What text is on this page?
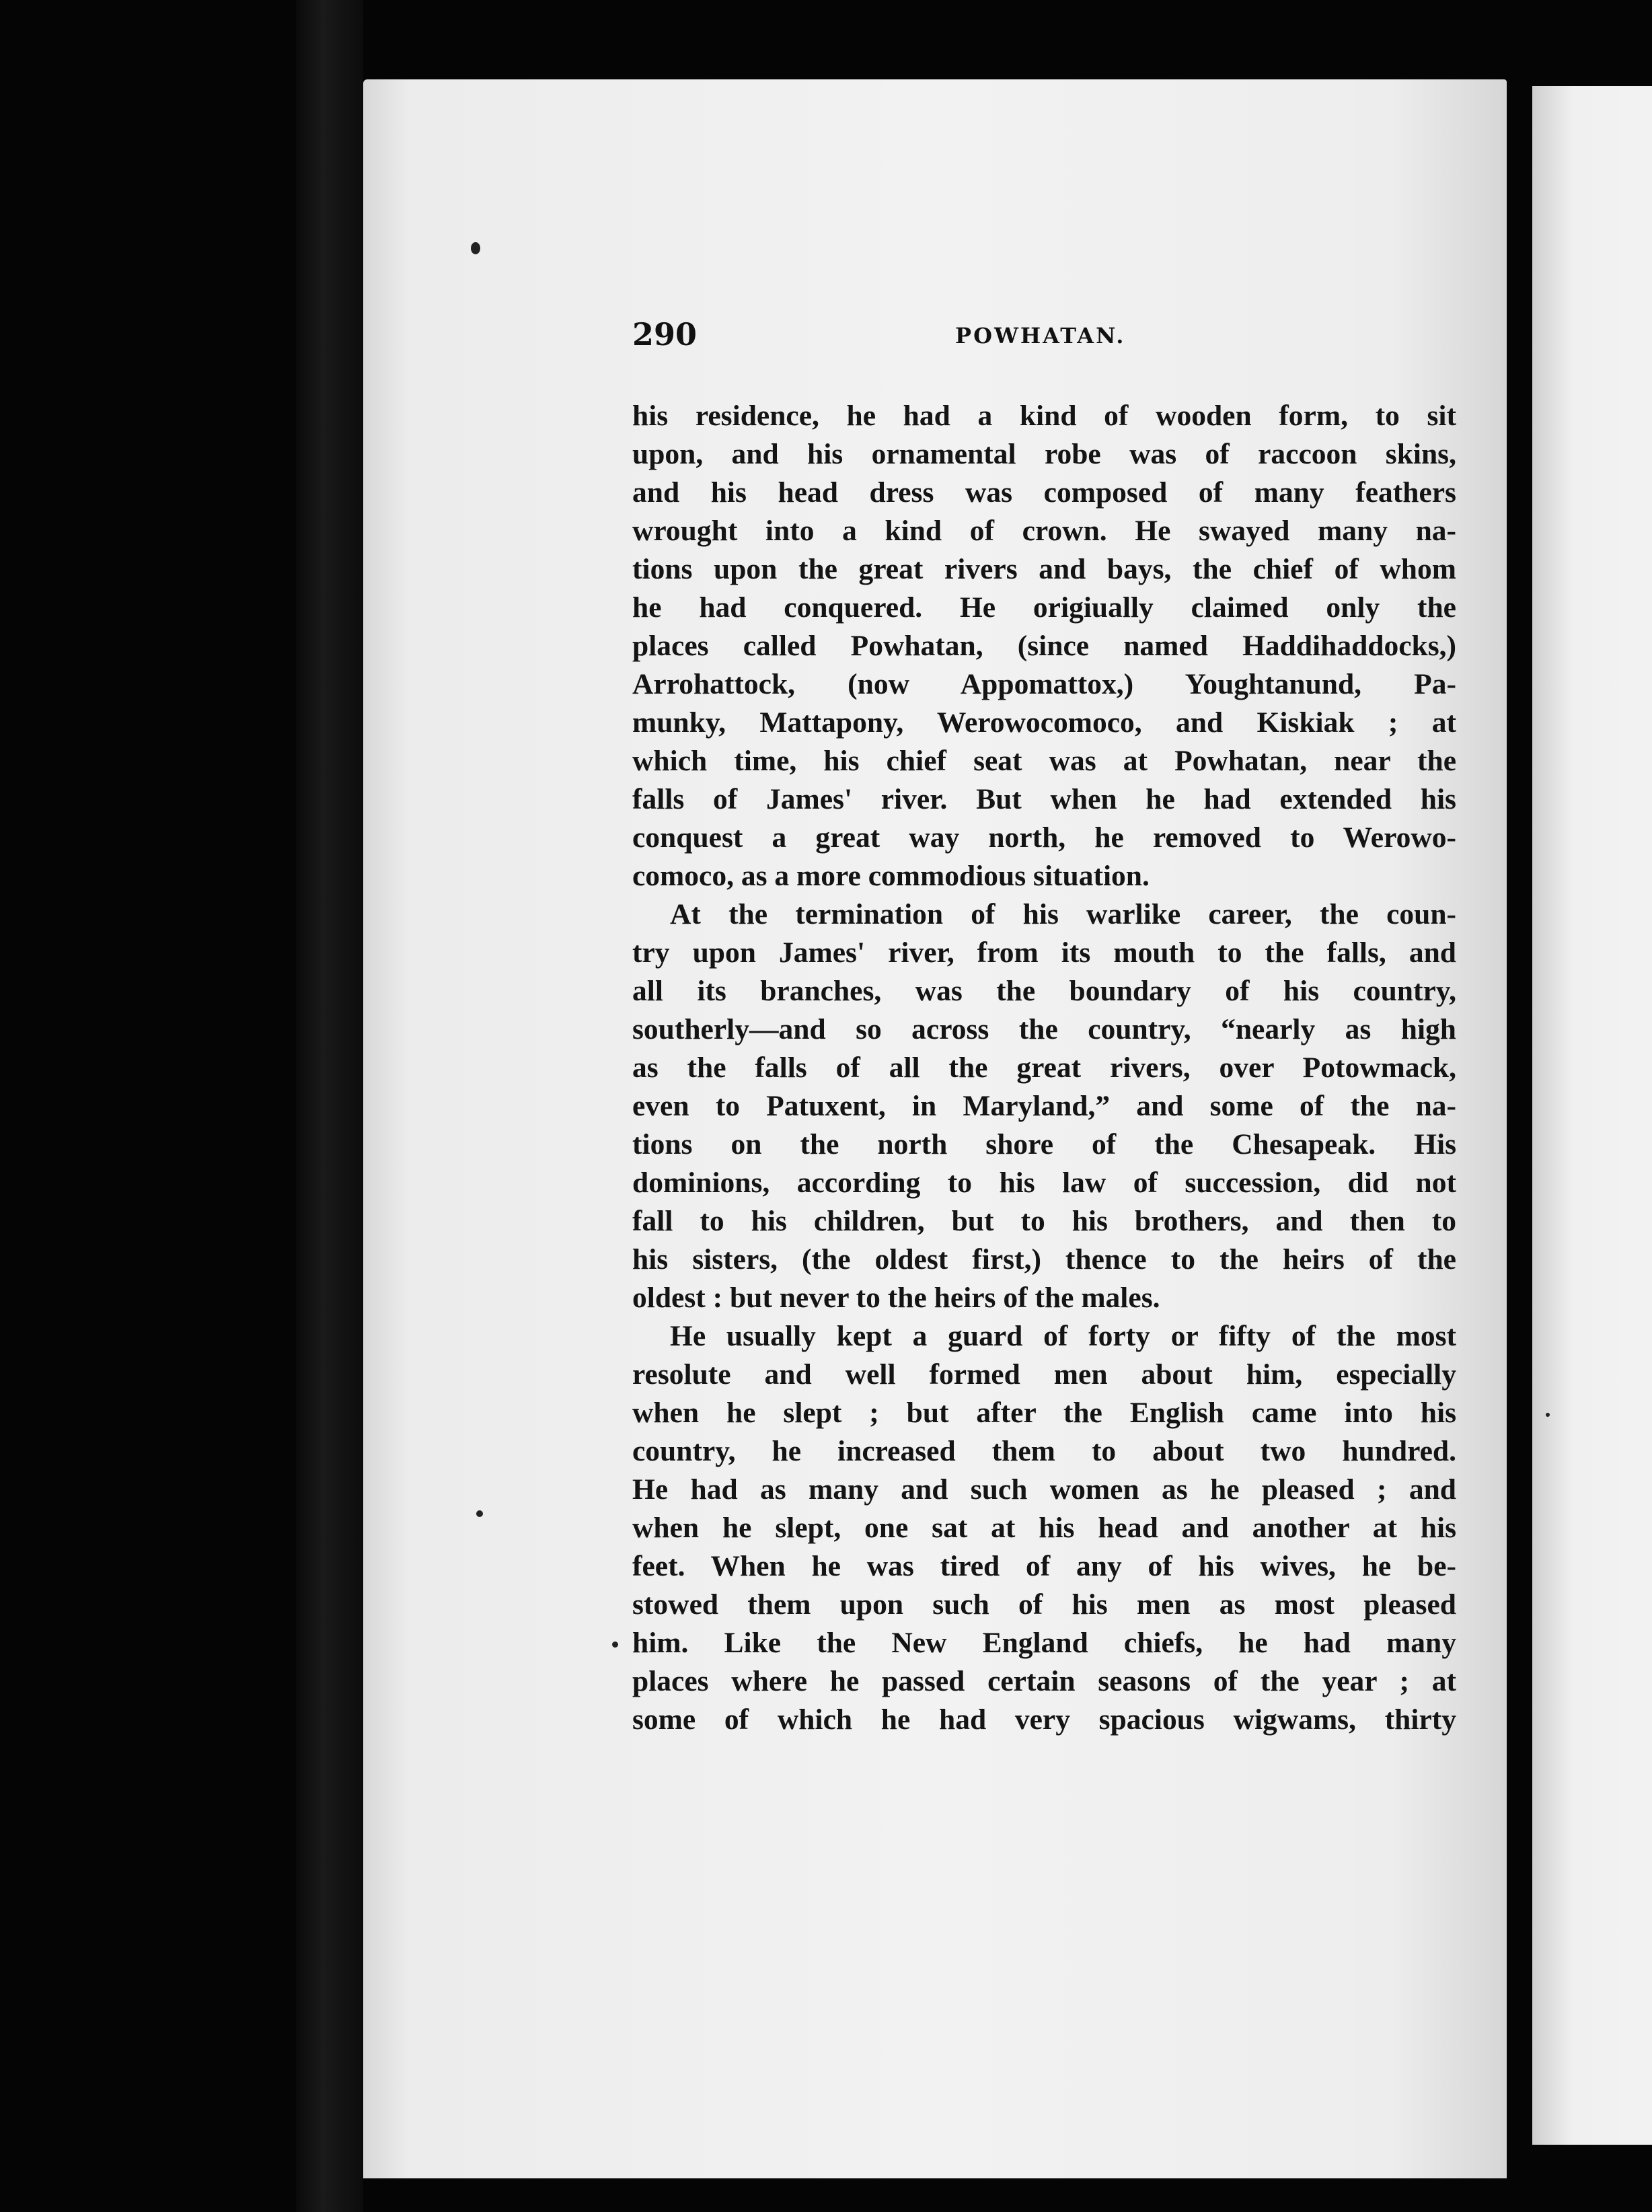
290	POWHATAN.
his residence, he had a kind of wooden form, to sit
upon, and his ornamental robe was of raccoon skins,
and his head dress was composed of many feathers
wrought into a kind of crown. He swayed many na-
tions upon the great rivers and bays, the chief of whom
he had conquered. He origiually claimed only the
places called Powhatan, (since named Haddihaddocks,)
Arrohattock, (now Appomattox,) Youghtanund, Pa-
munky, Mattapony, Werowocomoco, and Kiskiak ; at
which time, his chief seat was at Powhatan, near the
falls of James' river. But when he had extended his
conquest a great way north, he removed to Werowo-
comoco, as a more commodious situation.
At the termination of his warlike career, the coun-
try upon James' river, from its mouth to the falls, and
all its branches, was the boundary of his country,
southerly—and so across the country, “nearly as high
as the falls of all the great rivers, over Potowmack,
even to Patuxent, in Maryland,” and some of the na-
tions on the north shore of the Chesapeak. His
dominions, according to his law of succession, did not
fall to his children, but to his brothers, and then to
his sisters, (the oldest first,) thence to the heirs of the
oldest : but never to the heirs of the males.
He usually kept a guard of forty or fifty of the most
resolute and well formed men about him, especially
when he slept ; but after the English came into his
country, he increased them to about two hundred.
He had as many and such women as he pleased ; and
when he slept, one sat at his head and another at his
feet. When he was tired of any of his wives, he be-
stowed them upon such of his men as most pleased
him. Like the New England chiefs, he had many
places where he passed certain seasons of the year ; at
some of which he had very spacious wigwams, thirty
